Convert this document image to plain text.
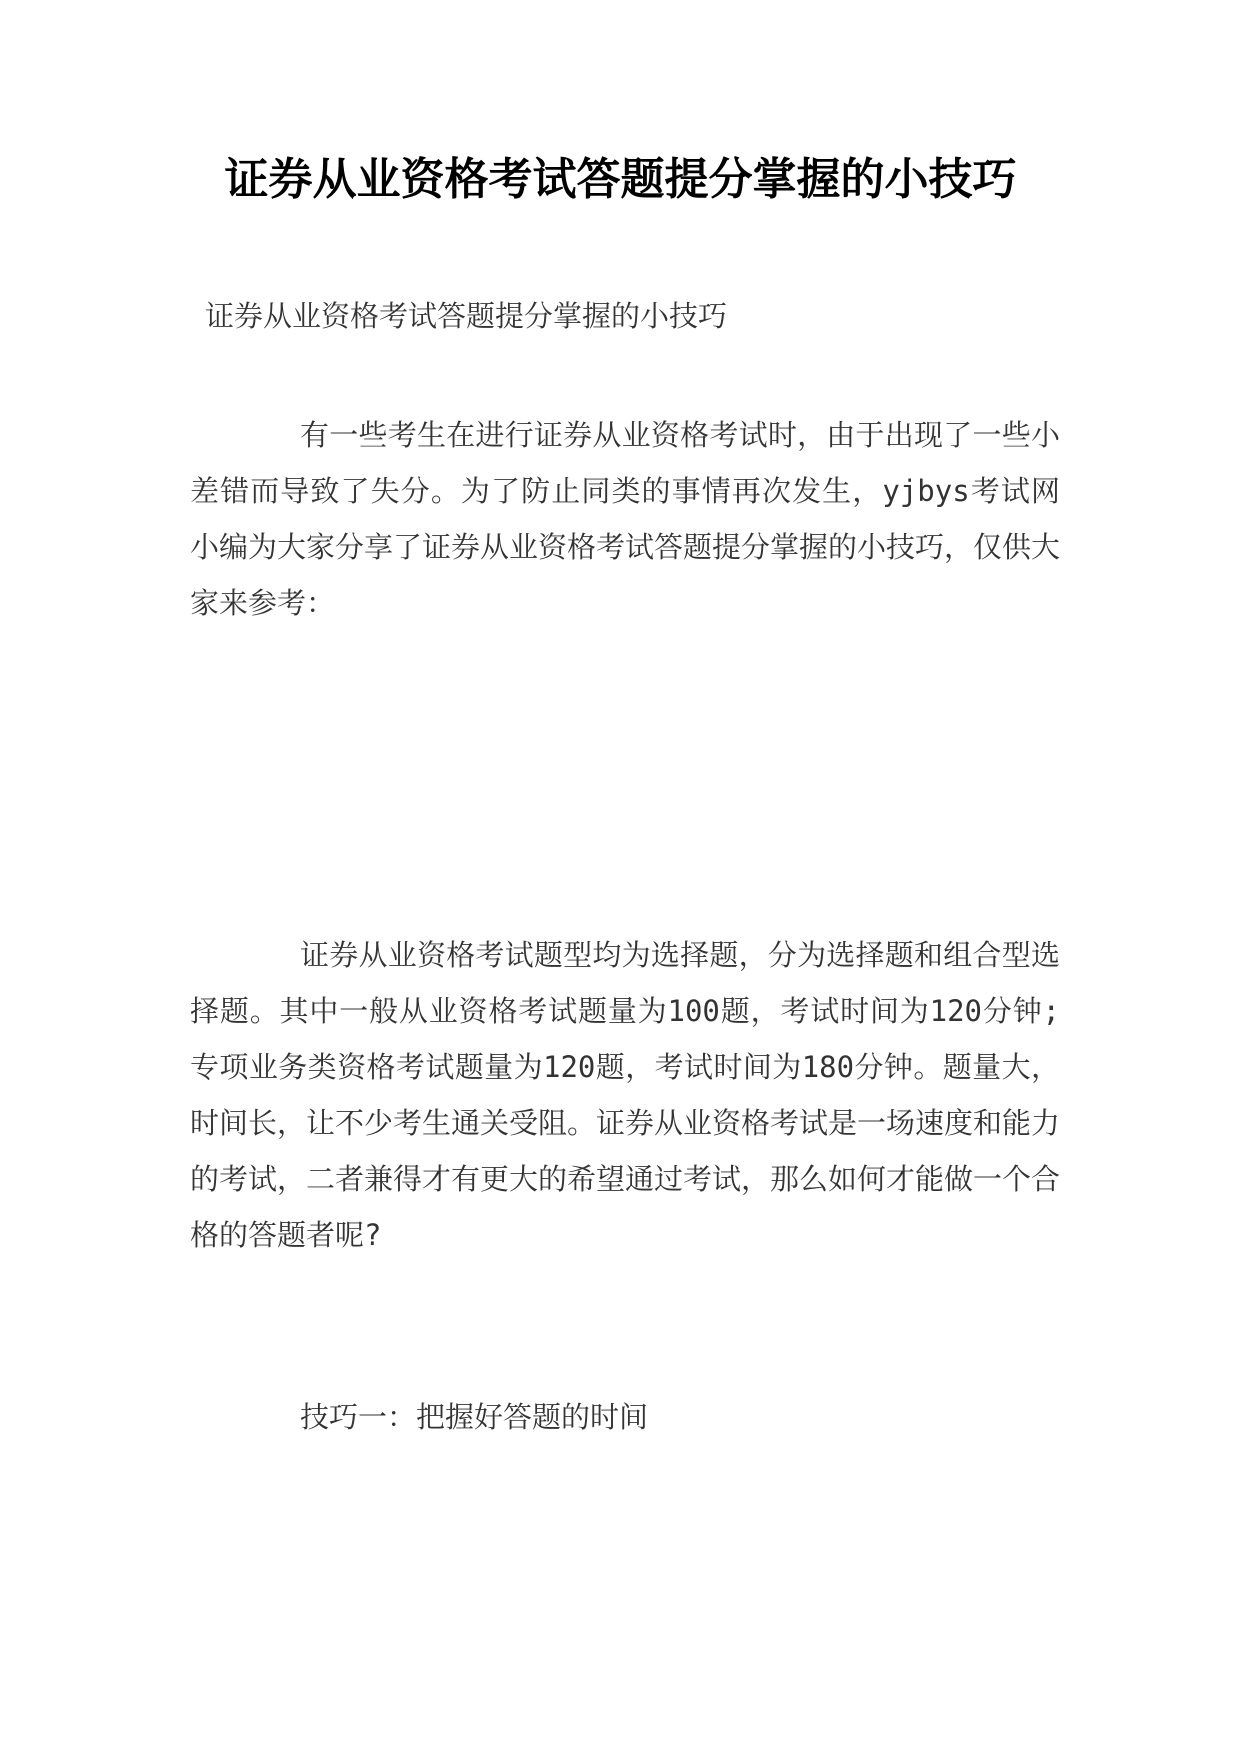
证券从业资格考试答题提分掌握的小技巧
证券从业资格考试答题提分掌握的小技巧
有一些考生在进行证券从业资格考试时，由于出现了一些小差错而导致了失分。为了防止同类的事情再次发生，yjbys考试网小编为大家分享了证券从业资格考试答题提分掌握的小技巧，仅供大家来参考：
证券从业资格考试题型均为选择题，分为选择题和组合型选择题。其中一般从业资格考试题量为100题，考试时间为120分钟;专项业务类资格考试题量为120题，考试时间为180分钟。题量大，时间长，让不少考生通关受阻。证券从业资格考试是一场速度和能力的考试，二者兼得才有更大的希望通过考试，那么如何才能做一个合格的答题者呢?
技巧一：把握好答题的时间
